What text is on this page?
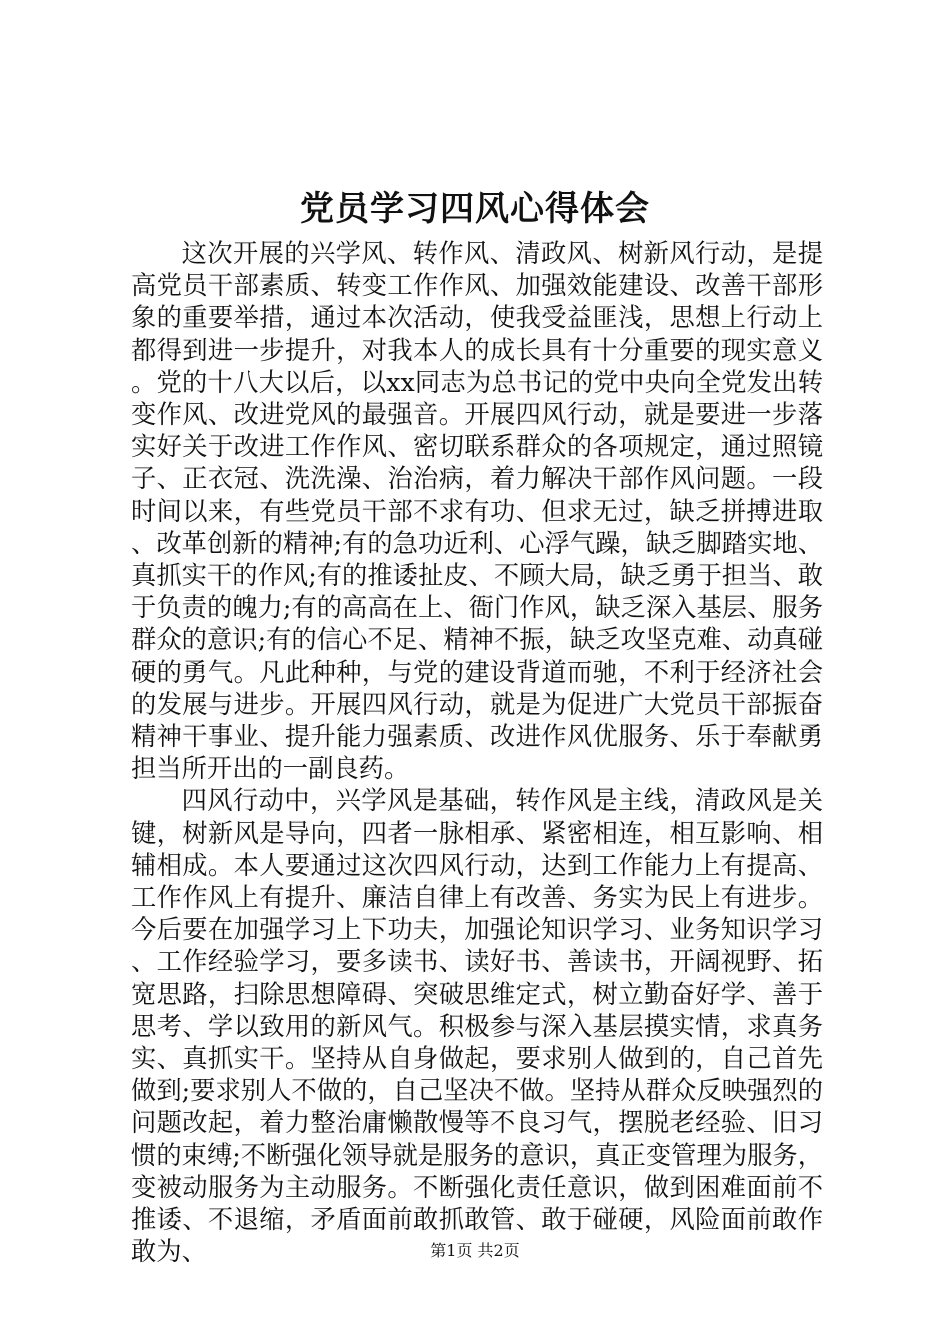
党员学习四风心得体会

这次开展的兴学风、转作风、清政风、树新风行动，是提高党员干部素质、转变工作作风、加强效能建设、改善干部形象的重要举措，通过本次活动，使我受益匪浅，思想上行动上都得到进一步提升，对我本人的成长具有十分重要的现实意义。党的十八大以后，以xx同志为总书记的党中央向全党发出转变作风、改进党风的最强音。开展四风行动，就是要进一步落实好关于改进工作作风、密切联系群众的各项规定，通过照镜子、正衣冠、洗洗澡、治治病，着力解决干部作风问题。一段时间以来，有些党员干部不求有功、但求无过，缺乏拼搏进取、改革创新的精神;有的急功近利、心浮气躁，缺乏脚踏实地、真抓实干的作风;有的推诿扯皮、不顾大局，缺乏勇于担当、敢于负责的魄力;有的高高在上、衙门作风，缺乏深入基层、服务群众的意识;有的信心不足、精神不振，缺乏攻坚克难、动真碰硬的勇气。凡此种种，与党的建设背道而驰，不利于经济社会的发展与进步。开展四风行动，就是为促进广大党员干部振奋精神干事业、提升能力强素质、改进作风优服务、乐于奉献勇担当所开出的一副良药。

四风行动中，兴学风是基础，转作风是主线，清政风是关键，树新风是导向，四者一脉相承、紧密相连，相互影响、相辅相成。本人要通过这次四风行动，达到工作能力上有提高、工作作风上有提升、廉洁自律上有改善、务实为民上有进步。今后要在加强学习上下功夫，加强论知识学习、业务知识学习、工作经验学习，要多读书、读好书、善读书，开阔视野、拓宽思路，扫除思想障碍、突破思维定式，树立勤奋好学、善于思考、学以致用的新风气。积极参与深入基层摸实情，求真务实、真抓实干。坚持从自身做起，要求别人做到的，自己首先做到;要求别人不做的，自己坚决不做。坚持从群众反映强烈的问题改起，着力整治庸懒散慢等不良习气，摆脱老经验、旧习惯的束缚;不断强化领导就是服务的意识，真正变管理为服务，变被动服务为主动服务。不断强化责任意识，做到困难面前不推诿、不退缩，矛盾面前敢抓敢管、敢于碰硬，风险面前敢作敢为、	第1页 共2页
